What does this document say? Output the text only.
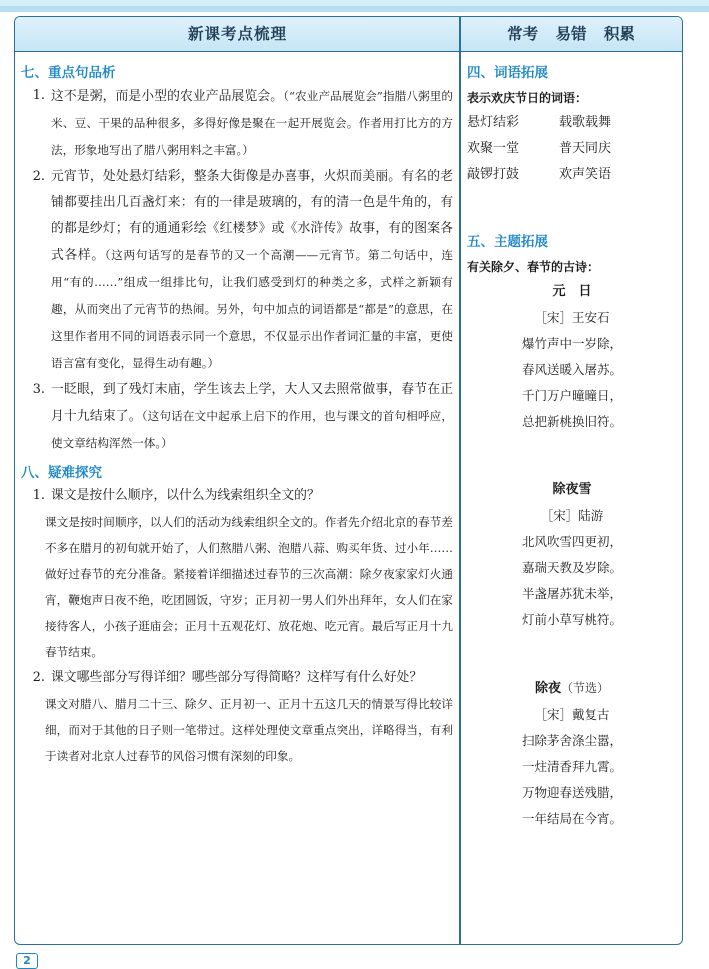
新课考点梳理	常考 易错 积累
七、重点句品析
1. 这不是粥，而是小型的农业产品展览会。（“农业产品展览会”指腊八粥里的米、豆、干果的品种很多，多得好像是聚在一起开展览会。作者用打比方的方法，形象地写出了腊八粥用料之丰富。）
2. 元宵节，处处悬灯结彩，整条大街像是办喜事，火炽而美丽。有名的老铺都要挂出几百盏灯来：有的一律是玻璃的，有的清一色是牛角的，有的都是纱灯；有的通通彩绘《红楼梦》或《水浒传》故事，有的图案各式各样。（这两句话写的是春节的又一个高潮——元宵节。第二句话中，连用“有的……”组成一组排比句，让我们感受到灯的种类之多，式样之新颖有趣，从而突出了元宵节的热闹。另外，句中加点的词语都是“都是”的意思，在这里作者用不同的词语表示同一个意思，不仅显示出作者词汇量的丰富，更使语言富有变化，显得生动有趣。）
3. 一眨眼，到了残灯末庙，学生该去上学，大人又去照常做事，春节在正月十九结束了。（这句话在文中起承上启下的作用，也与课文的首句相呼应，使文章结构浑然一体。）
八、疑难探究
1. 课文是按什么顺序，以什么为线索组织全文的？
课文是按时间顺序，以人们的活动为线索组织全文的。作者先介绍北京的春节差不多在腊月的初旬就开始了，人们熬腊八粥、泡腊八蒜、购买年货、过小年……做好过春节的充分准备。紧接着详细描述过春节的三次高潮：除夕夜家家灯火通宵，鞭炮声日夜不绝，吃团圆饭，守岁；正月初一男人们外出拜年，女人们在家接待客人，小孩子逛庙会；正月十五观花灯、放花炮、吃元宵。最后写正月十九春节结束。
2. 课文哪些部分写得详细？哪些部分写得简略？这样写有什么好处？
课文对腊八、腊月二十三、除夕、正月初一、正月十五这几天的情景写得比较详细，而对于其他的日子则一笔带过。这样处理使文章重点突出，详略得当，有利于读者对北京人过春节的风俗习惯有深刻的印象。
四、词语拓展
表示欢庆节日的词语：
悬灯结彩	载歌载舞
欢聚一堂	普天同庆
敲锣打鼓	欢声笑语
五、主题拓展
有关除夕、春节的古诗：
元　日
［宋］王安石
爆竹声中一岁除，
春风送暖入屠苏。
千门万户曈曈日，
总把新桃换旧符。
除夜雪
［宋］陆游
北风吹雪四更初，
嘉瑞天教及岁除。
半盏屠苏犹未举，
灯前小草写桃符。
除夜（节选）
［宋］戴复古
扫除茅舍涤尘嚣，
一炷清香拜九霄。
万物迎春送残腊，
一年结局在今宵。
2
